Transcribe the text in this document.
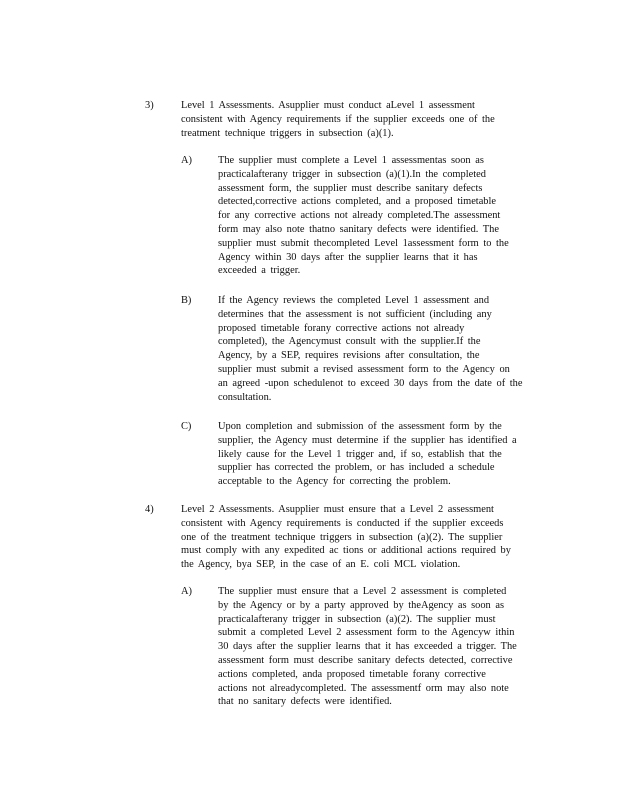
3)	Level 1 Assessments. Asupplier must conduct aLevel 1 assessment
consistent with Agency requirements if the supplier exceeds one of the
treatment technique triggers in subsection (a)(1).
A)	The supplier must complete a Level 1 assessmentas soon as
practicalafterany trigger in subsection (a)(1).In the completed
assessment form, the supplier must describe sanitary defects
detected,corrective actions completed, and a proposed timetable
for any corrective actions not already completed.The assessment
form may also note thatno sanitary defects were identified. The
supplier must submit thecompleted Level 1assessment form to the
Agency within 30 days after the supplier learns that it has
exceeded a trigger.
B)	If the Agency reviews the completed Level 1 assessment and
determines that the assessment is not sufficient (including any
proposed timetable forany corrective actions not already
completed), the Agencymust consult with the supplier.If the
Agency, by a SEP, requires revisions after consultation, the
supplier must submit a revised assessment form to the Agency on
an agreed -upon schedulenot to exceed 30 days from the date of the
consultation.
C)	Upon completion and submission of the assessment form by the
supplier, the Agency must determine if the supplier has identified a
likely cause for the Level 1 trigger and, if so, establish that the
supplier has corrected the problem, or has included a schedule
acceptable to the Agency for correcting the problem.
4)	Level 2 Assessments. Asupplier must ensure that a Level 2 assessment
consistent with Agency requirements is conducted if the supplier exceeds
one of the treatment technique triggers in subsection (a)(2). The supplier
must comply with any expedited ac tions or additional actions required by
the Agency, bya SEP, in the case of an E. coli MCL violation.
A)	The supplier must ensure that a Level 2 assessment is completed
by the Agency or by a party approved by theAgency as soon as
practicalafterany trigger in subsection (a)(2). The supplier must
submit a completed Level 2 assessment form to the Agencyw ithin
30 days after the supplier learns that it has exceeded a trigger. The
assessment form must describe sanitary defects detected, corrective
actions completed, anda proposed timetable forany corrective
actions not alreadycompleted. The assessmentf orm may also note
that no sanitary defects were identified.
